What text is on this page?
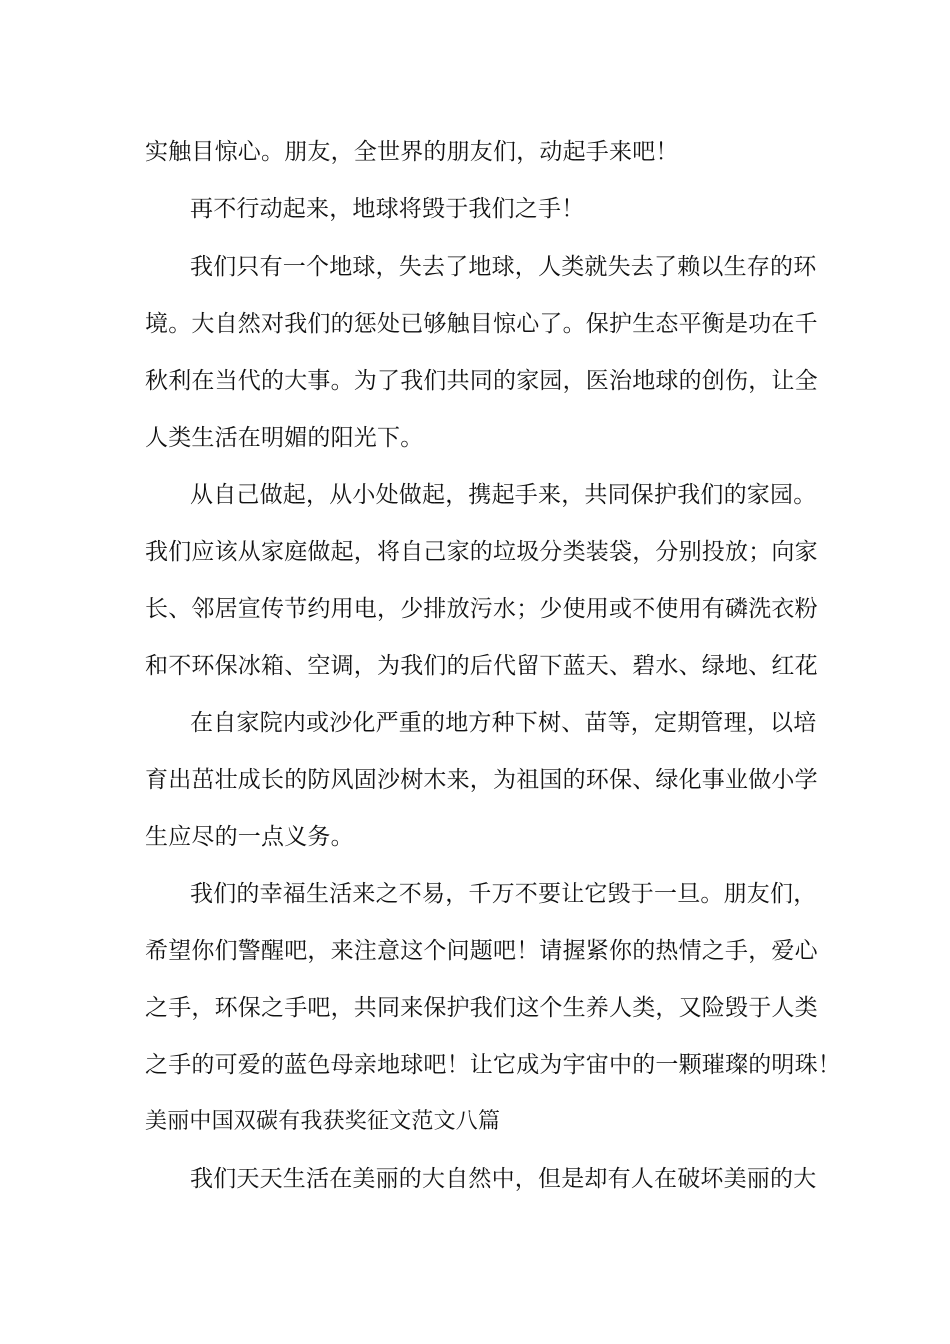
实触目惊心。朋友，全世界的朋友们，动起手来吧！
再不行动起来，地球将毁于我们之手！
我们只有一个地球，失去了地球，人类就失去了赖以生存的环
境。大自然对我们的惩处已够触目惊心了。保护生态平衡是功在千
秋利在当代的大事。为了我们共同的家园，医治地球的创伤，让全
人类生活在明媚的阳光下。
从自己做起，从小处做起，携起手来，共同保护我们的家园。
我们应该从家庭做起，将自己家的垃圾分类装袋，分别投放；向家
长、邻居宣传节约用电，少排放污水；少使用或不使用有磷洗衣粉
和不环保冰箱、空调，为我们的后代留下蓝天、碧水、绿地、红花
在自家院内或沙化严重的地方种下树、苗等，定期管理，以培
育出茁壮成长的防风固沙树木来，为祖国的环保、绿化事业做小学
生应尽的一点义务。
我们的幸福生活来之不易，千万不要让它毁于一旦。朋友们，
希望你们警醒吧，来注意这个问题吧！请握紧你的热情之手，爱心
之手，环保之手吧，共同来保护我们这个生养人类，又险毁于人类
之手的可爱的蓝色母亲地球吧！让它成为宇宙中的一颗璀璨的明珠！
美丽中国双碳有我获奖征文范文八篇
我们天天生活在美丽的大自然中，但是却有人在破坏美丽的大
